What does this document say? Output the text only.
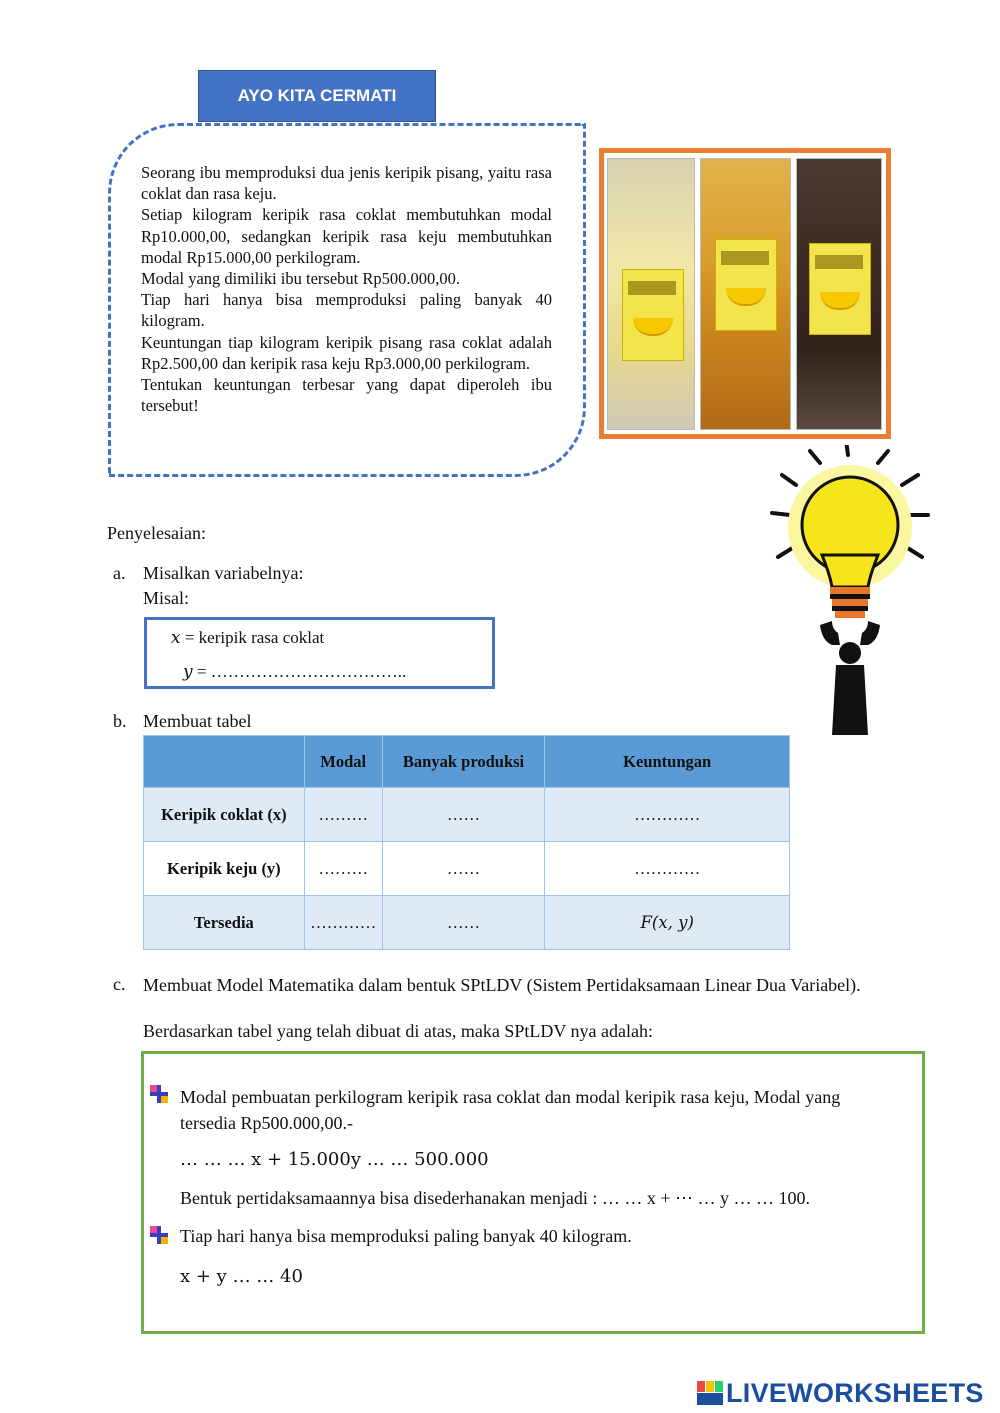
AYO KITA CERMATI

Seorang ibu memproduksi dua jenis keripik pisang, yaitu rasa coklat dan rasa keju.

Setiap kilogram keripik rasa coklat membutuhkan modal Rp10.000,00, sedangkan keripik rasa keju membutuhkan modal Rp15.000,00 perkilogram.

Modal yang dimiliki ibu tersebut Rp500.000,00.

Tiap hari hanya bisa memproduksi paling banyak 40 kilogram.

Keuntungan tiap kilogram keripik pisang rasa coklat adalah Rp2.500,00 dan keripik rasa keju Rp3.000,00 perkilogram.

Tentukan keuntungan terbesar yang dapat diperoleh ibu tersebut!

Penyelesaian:
a. Misalkan variabelnya:
Misal:
x = keripik rasa coklat
y = ……………………………..
b. Membuat tabel
	Modal	Banyak produksi	Keuntungan
Keripik coklat (x)	………	……	…………
Keripik keju (y)	………	……	…………
Tersedia	…………	……	F(x, y)
c. Membuat Model Matematika dalam bentuk SPtLDV (Sistem Pertidaksamaan Linear Dua Variabel).
Berdasarkan tabel yang telah dibuat di atas, maka SPtLDV nya adalah:
Modal pembuatan perkilogram keripik rasa coklat dan modal keripik rasa keju, Modal yang tersedia Rp500.000,00.-
… … … x + 15.000y … … 500.000
Bentuk pertidaksamaannya bisa disederhanakan menjadi : … … x + ⋯ … y … … 100.
Tiap hari hanya bisa memproduksi paling banyak 40 kilogram.
x + y … … 40
LIVEWORKSHEETS
